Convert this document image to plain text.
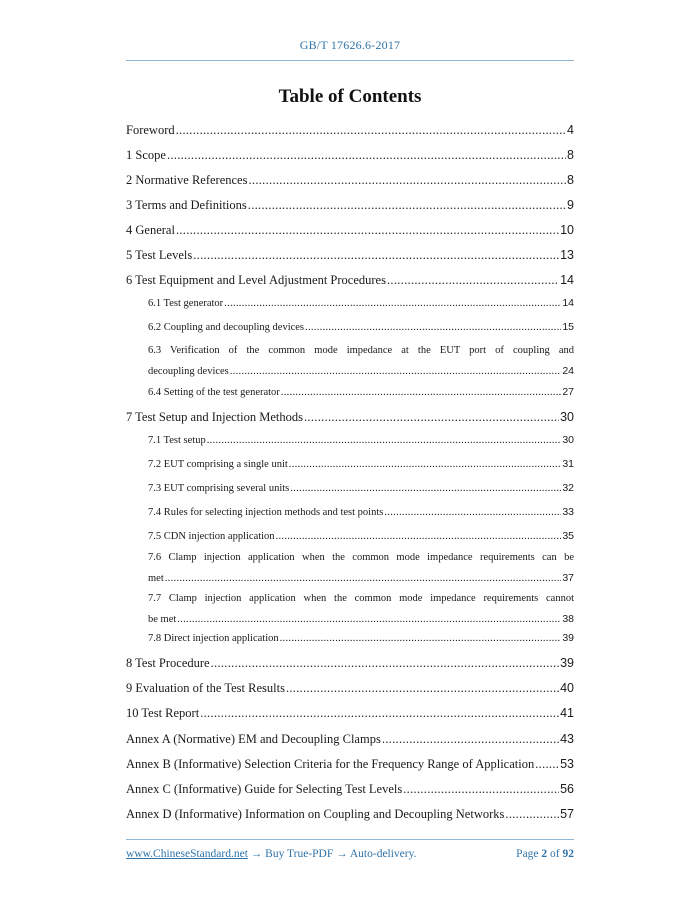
GB/T 17626.6-2017
Table of Contents
Foreword .....	4
1 Scope .....	8
2 Normative References .....	8
3 Terms and Definitions .....	9
4 General .....	10
5 Test Levels .....	13
6 Test Equipment and Level Adjustment Procedures .....	14
6.1 Test generator .....	14
6.2 Coupling and decoupling devices .....	15
6.3 Verification of the common mode impedance at the EUT port of coupling and
decoupling devices .....	24
6.4 Setting of the test generator .....	27
7 Test Setup and Injection Methods .....	30
7.1 Test setup .....	30
7.2 EUT comprising a single unit .....	31
7.3 EUT comprising several units .....	32
7.4 Rules for selecting injection methods and test points .....	33
7.5 CDN injection application .....	35
7.6 Clamp injection application when the common mode impedance requirements can be
met .....	37
7.7 Clamp injection application when the common mode impedance requirements cannot
be met .....	38
7.8 Direct injection application .....	39
8 Test Procedure .....	39
9 Evaluation of the Test Results .....	40
10 Test Report .....	41
Annex A (Normative) EM and Decoupling Clamps .....	43
Annex B (Informative) Selection Criteria for the Frequency Range of Application ..... 53
Annex C (Informative) Guide for Selecting Test Levels .....	56
Annex D (Informative) Information on Coupling and Decoupling Networks .....	57
www.ChineseStandard.net → Buy True-PDF → Auto-delivery.	Page 2 of 92
